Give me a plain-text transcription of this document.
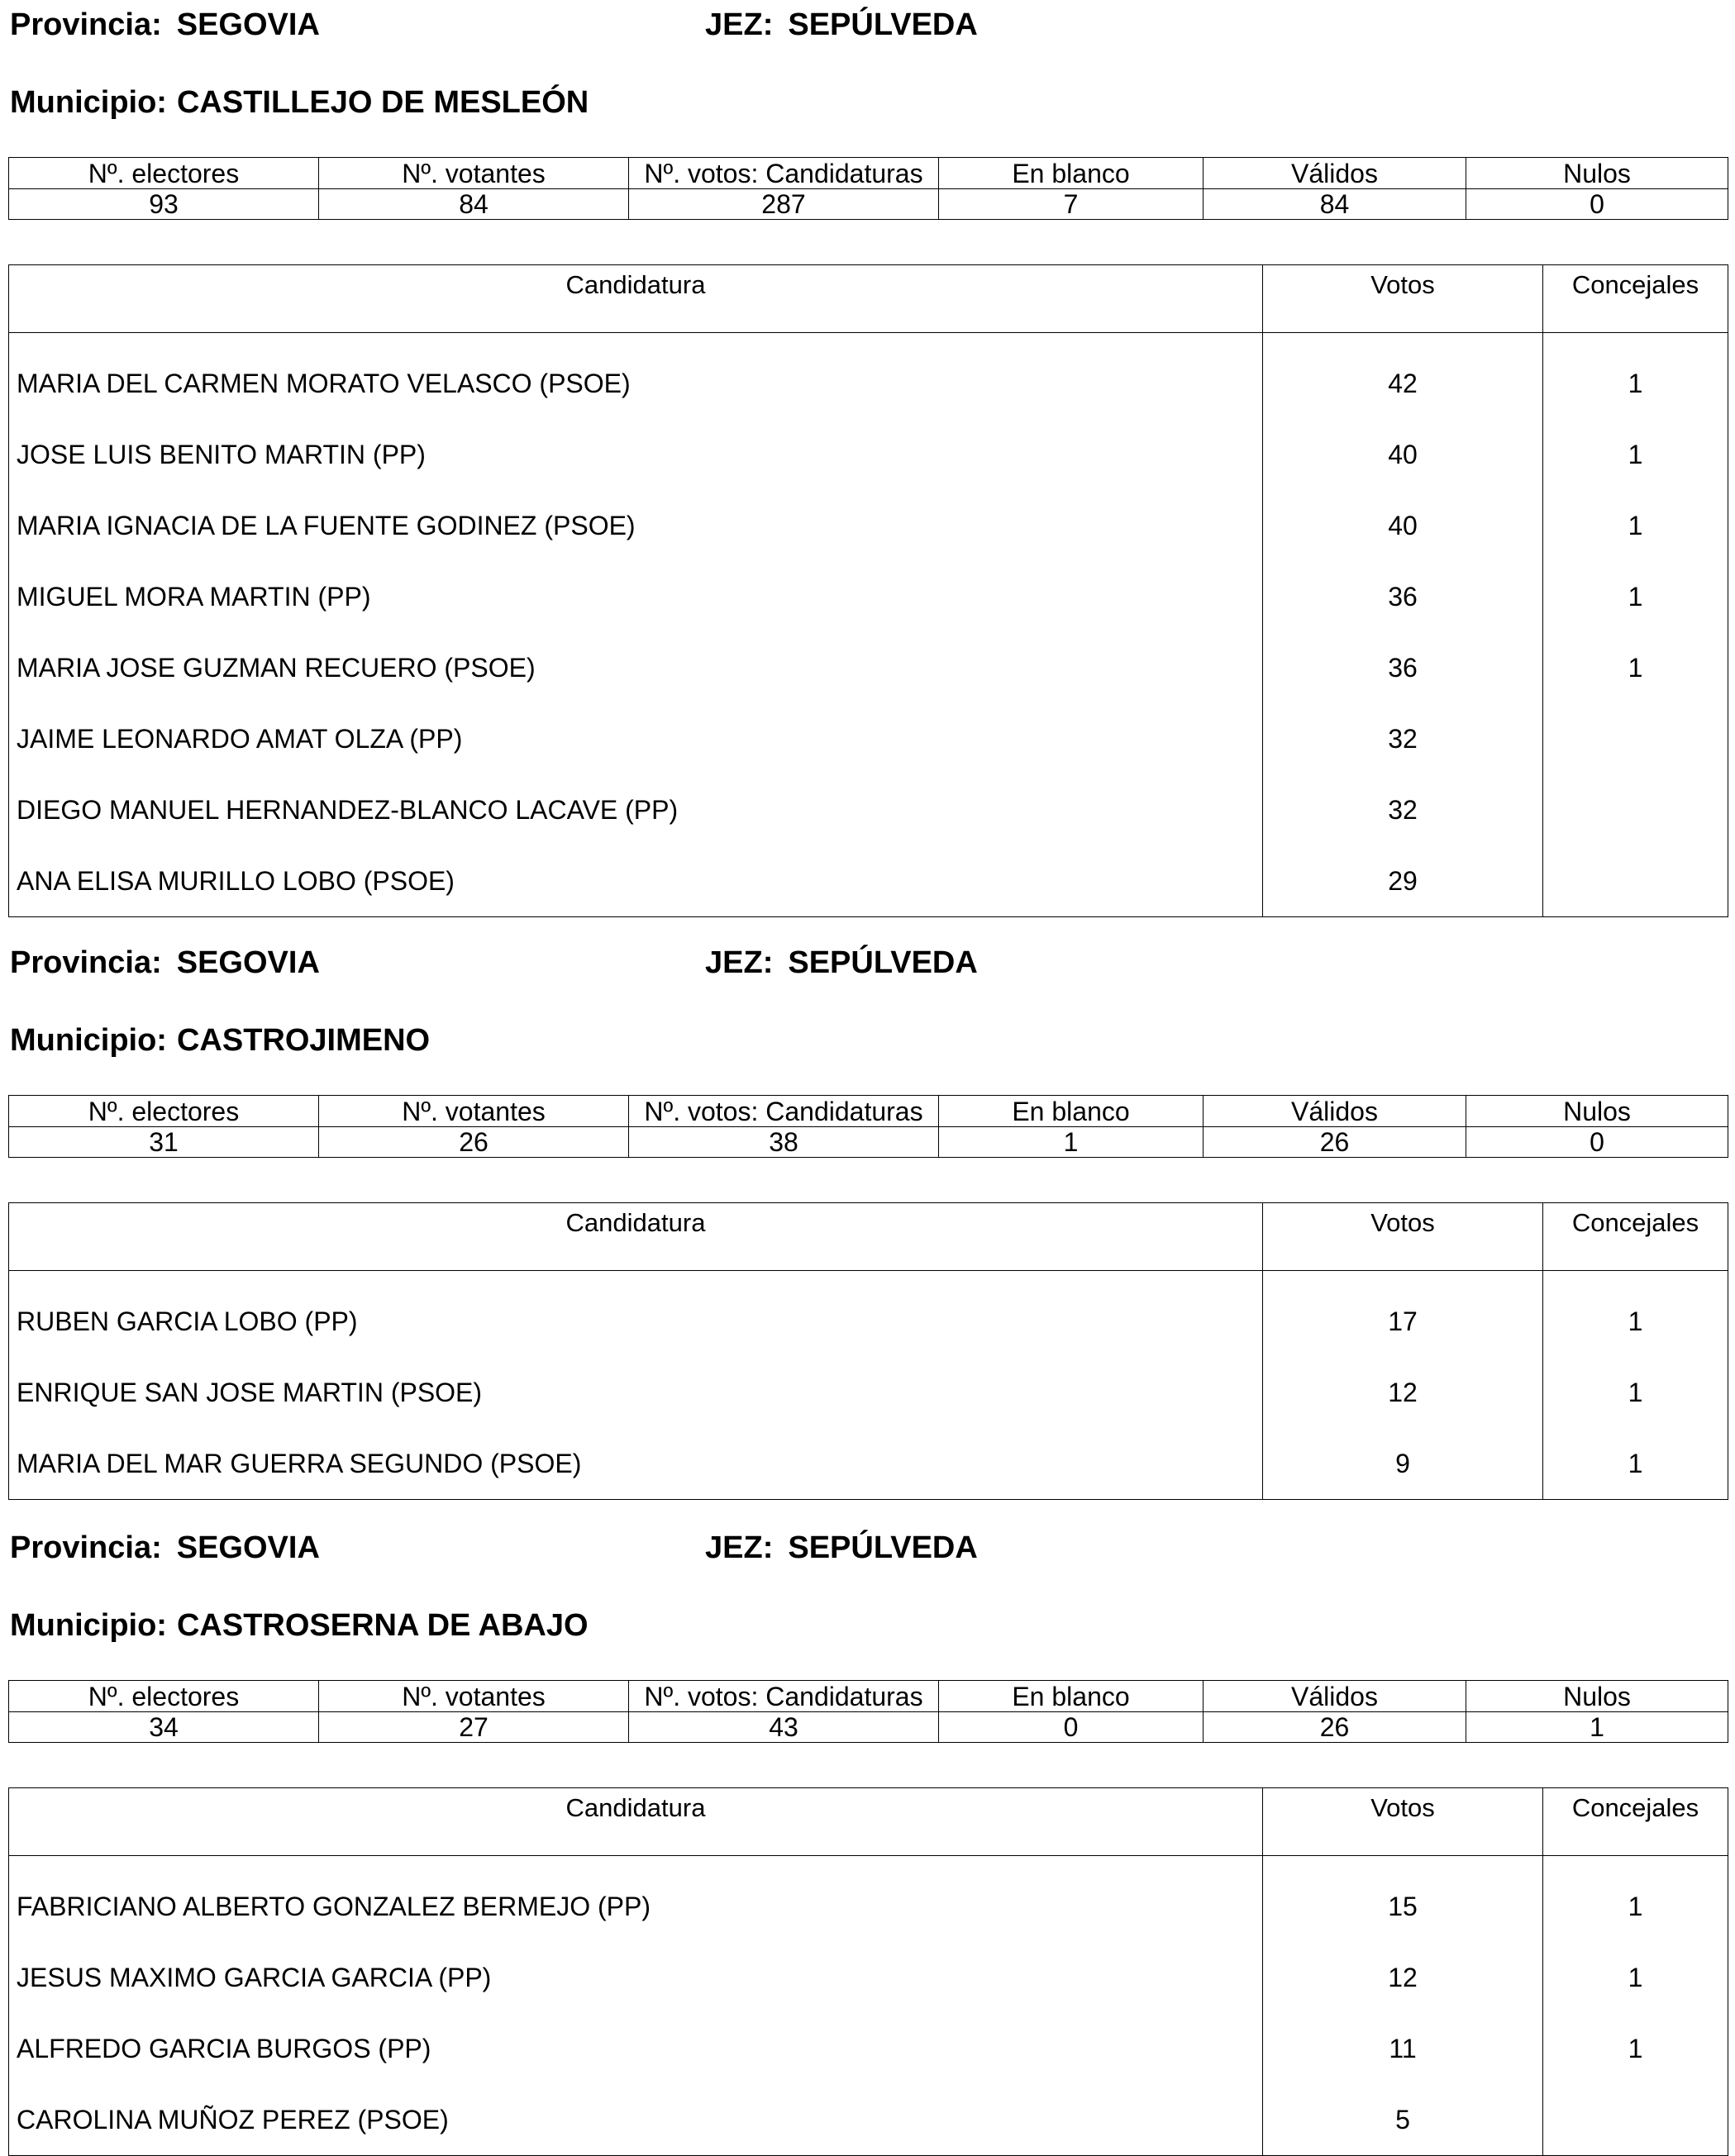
Provincia: SEGOVIA	JEZ: SEPÚLVEDA
Municipio: CASTILLEJO DE MESLEÓN
Nº. electores	Nº. votantes	Nº. votos: Candidaturas	En blanco	Válidos	Nulos
93	84	287	7	84	0
Candidatura	Votos	Concejales

MARIA DEL CARMEN MORATO VELASCO (PSOE)	42	1
JOSE LUIS BENITO MARTIN (PP)	40	1
MARIA IGNACIA DE LA FUENTE GODINEZ (PSOE)	40	1
MIGUEL MORA MARTIN (PP)	36	1
MARIA JOSE GUZMAN RECUERO (PSOE)	36	1
JAIME LEONARDO AMAT OLZA (PP)	32	
DIEGO MANUEL HERNANDEZ-BLANCO LACAVE (PP)	32	
ANA ELISA MURILLO LOBO (PSOE)	29	
Provincia: SEGOVIA	JEZ: SEPÚLVEDA
Municipio: CASTROJIMENO
Nº. electores	Nº. votantes	Nº. votos: Candidaturas	En blanco	Válidos	Nulos
31	26	38	1	26	0
Candidatura	Votos	Concejales

RUBEN GARCIA LOBO (PP)	17	1
ENRIQUE SAN JOSE MARTIN (PSOE)	12	1
MARIA DEL MAR GUERRA SEGUNDO (PSOE)	9	1
Provincia: SEGOVIA	JEZ: SEPÚLVEDA
Municipio: CASTROSERNA DE ABAJO
Nº. electores	Nº. votantes	Nº. votos: Candidaturas	En blanco	Válidos	Nulos
34	27	43	0	26	1
Candidatura	Votos	Concejales

FABRICIANO ALBERTO GONZALEZ BERMEJO (PP)	15	1
JESUS MAXIMO GARCIA GARCIA (PP)	12	1
ALFREDO GARCIA BURGOS (PP)	11	1
CAROLINA MUÑOZ PEREZ (PSOE)	5	
